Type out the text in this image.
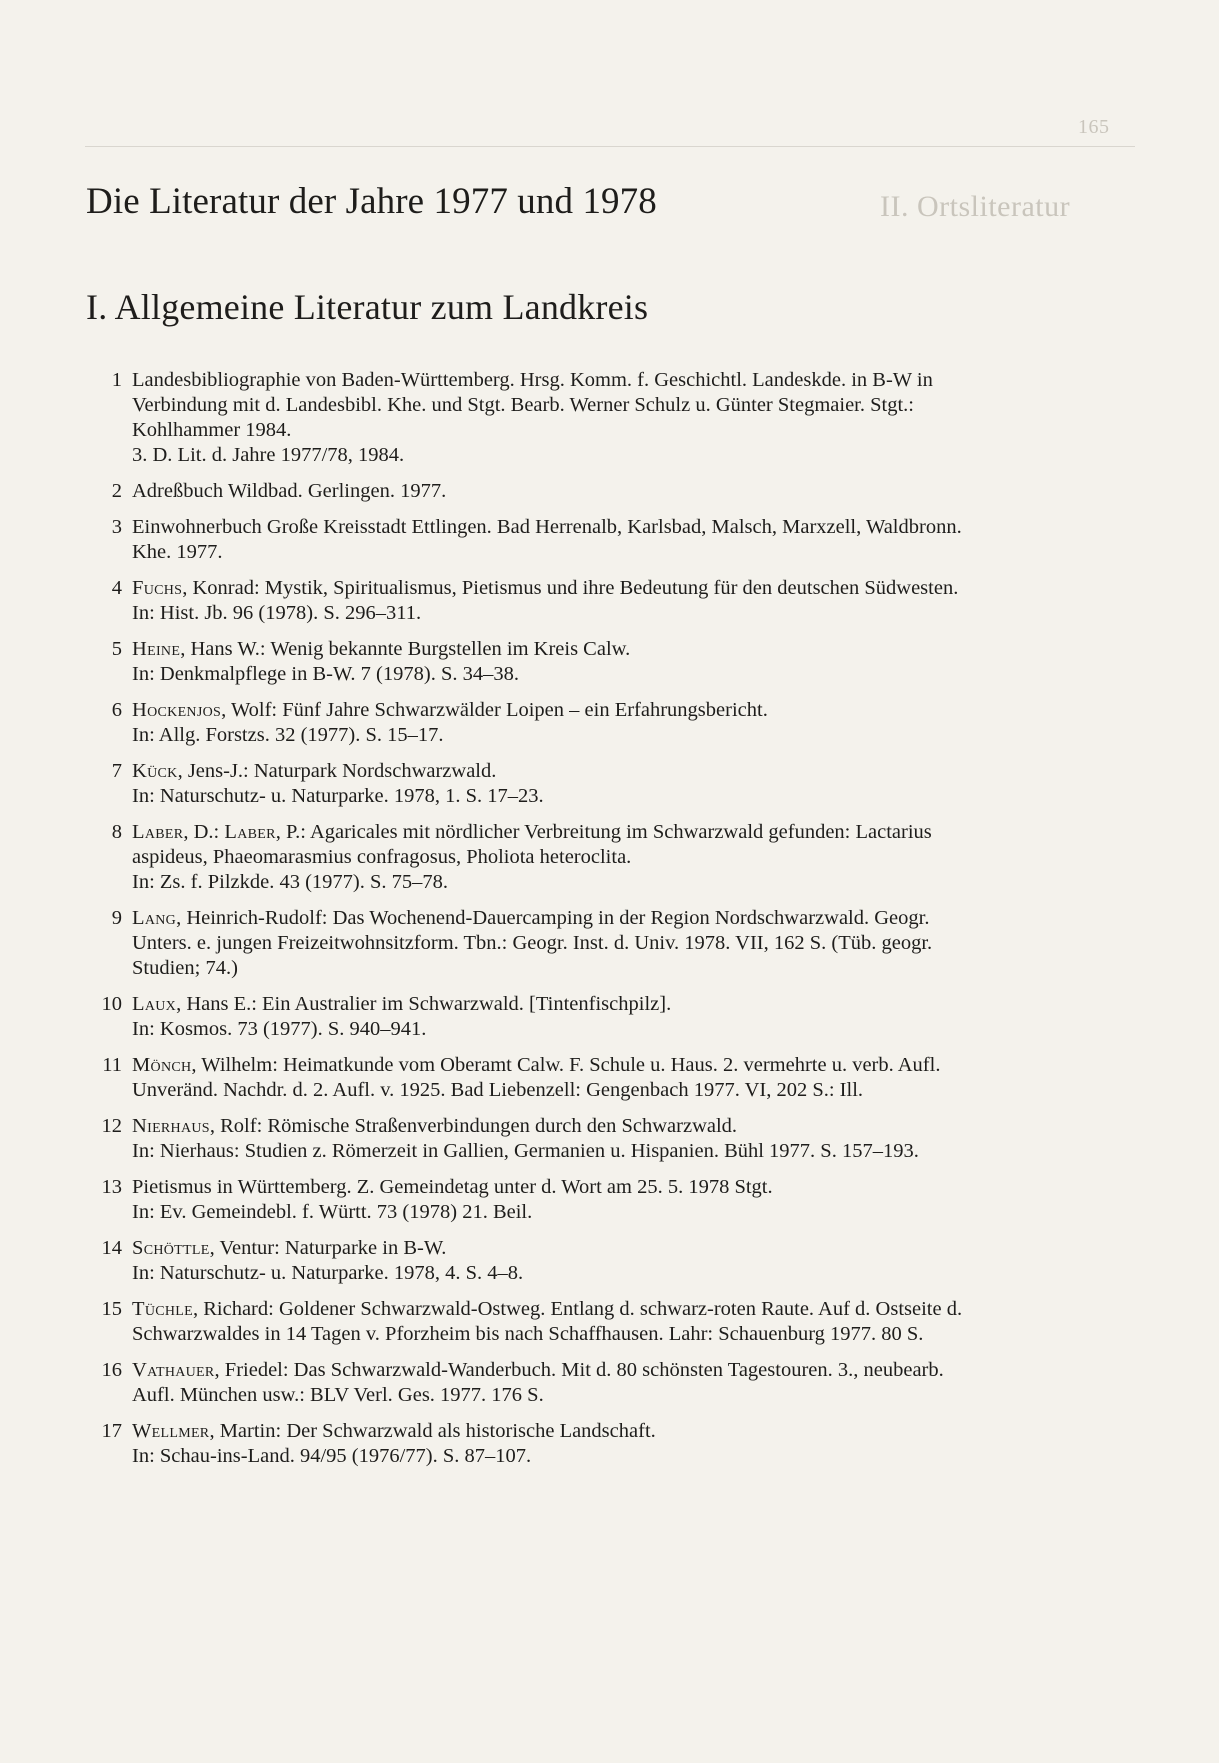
165
II. Ortsliteratur
Die Literatur der Jahre 1977 und 1978
I. Allgemeine Literatur zum Landkreis
1 Landesbibliographie von Baden-Württemberg. Hrsg. Komm. f. Geschichtl. Landeskde. in B-W in
Verbindung mit d. Landesbibl. Khe. und Stgt. Bearb. Werner Schulz u. Günter Stegmaier. Stgt.:
Kohlhammer 1984.
3. D. Lit. d. Jahre 1977/78, 1984.
2 Adreßbuch Wildbad. Gerlingen. 1977.
3 Einwohnerbuch Große Kreisstadt Ettlingen. Bad Herrenalb, Karlsbad, Malsch, Marxzell, Waldbronn.
Khe. 1977.
4 Fuchs, Konrad: Mystik, Spiritualismus, Pietismus und ihre Bedeutung für den deutschen Südwesten.
In: Hist. Jb. 96 (1978). S. 296–311.
5 Heine, Hans W.: Wenig bekannte Burgstellen im Kreis Calw.
In: Denkmalpflege in B-W. 7 (1978). S. 34–38.
6 Hockenjos, Wolf: Fünf Jahre Schwarzwälder Loipen – ein Erfahrungsbericht.
In: Allg. Forstzs. 32 (1977). S. 15–17.
7 Kück, Jens-J.: Naturpark Nordschwarzwald.
In: Naturschutz- u. Naturparke. 1978, 1. S. 17–23.
8 Laber, D.: Laber, P.: Agaricales mit nördlicher Verbreitung im Schwarzwald gefunden: Lactarius
aspideus, Phaeomarasmius confragosus, Pholiota heteroclita.
In: Zs. f. Pilzkde. 43 (1977). S. 75–78.
9 Lang, Heinrich-Rudolf: Das Wochenend-Dauercamping in der Region Nordschwarzwald. Geogr.
Unters. e. jungen Freizeitwohnsitzform. Tbn.: Geogr. Inst. d. Univ. 1978. VII, 162 S. (Tüb. geogr.
Studien; 74.)
10 Laux, Hans E.: Ein Australier im Schwarzwald. [Tintenfischpilz].
In: Kosmos. 73 (1977). S. 940–941.
11 Mönch, Wilhelm: Heimatkunde vom Oberamt Calw. F. Schule u. Haus. 2. vermehrte u. verb. Aufl.
Unveränd. Nachdr. d. 2. Aufl. v. 1925. Bad Liebenzell: Gengenbach 1977. VI, 202 S.: Ill.
12 Nierhaus, Rolf: Römische Straßenverbindungen durch den Schwarzwald.
In: Nierhaus: Studien z. Römerzeit in Gallien, Germanien u. Hispanien. Bühl 1977. S. 157–193.
13 Pietismus in Württemberg. Z. Gemeindetag unter d. Wort am 25. 5. 1978 Stgt.
In: Ev. Gemeindebl. f. Württ. 73 (1978) 21. Beil.
14 Schöttle, Ventur: Naturparke in B-W.
In: Naturschutz- u. Naturparke. 1978, 4. S. 4–8.
15 Tüchle, Richard: Goldener Schwarzwald-Ostweg. Entlang d. schwarz-roten Raute. Auf d. Ostseite d.
Schwarzwaldes in 14 Tagen v. Pforzheim bis nach Schaffhausen. Lahr: Schauenburg 1977. 80 S.
16 Vathauer, Friedel: Das Schwarzwald-Wanderbuch. Mit d. 80 schönsten Tagestouren. 3., neubearb.
Aufl. München usw.: BLV Verl. Ges. 1977. 176 S.
17 Wellmer, Martin: Der Schwarzwald als historische Landschaft.
In: Schau-ins-Land. 94/95 (1976/77). S. 87–107.
